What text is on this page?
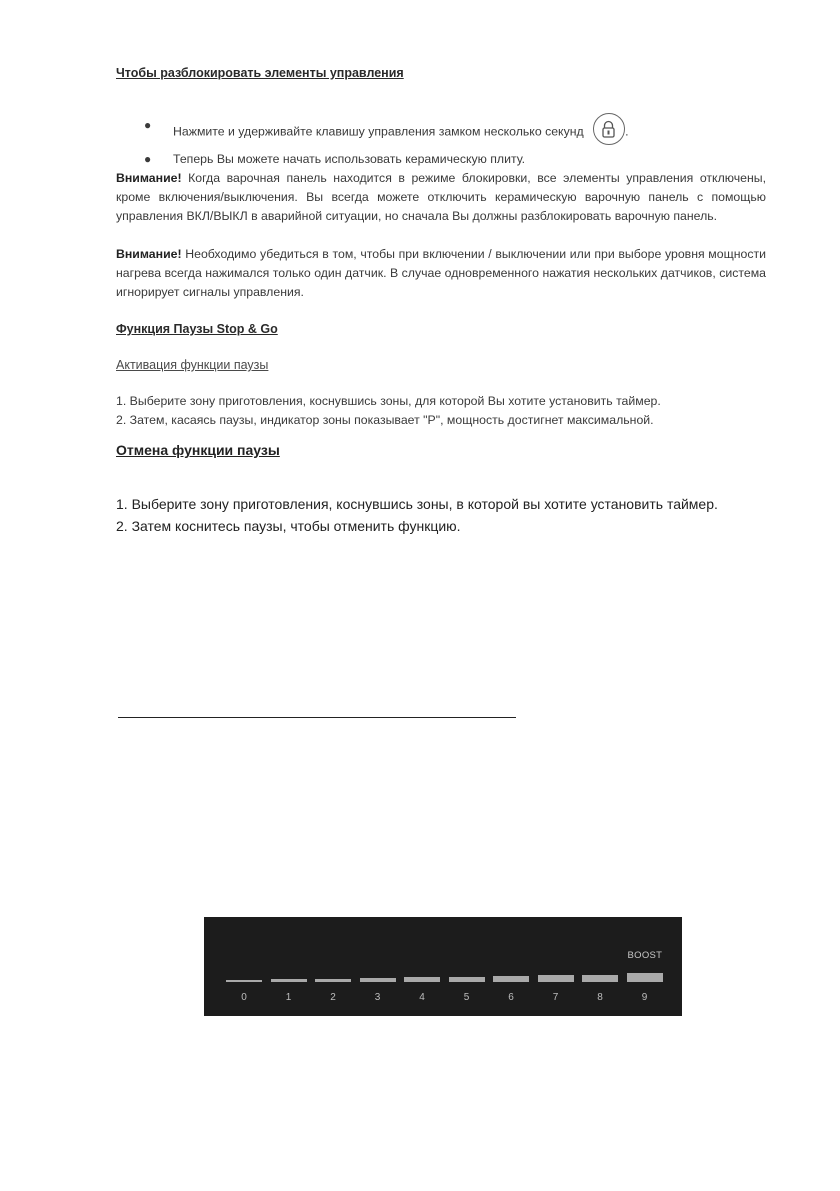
Чтобы разблокировать элементы управления

● Нажмите и удерживайте клавишу управления замком несколько секунд	.
● Теперь Вы можете начать использовать керамическую плиту.

Внимание! Когда варочная панель находится в режиме блокировки, все элементы управления отключены, кроме включения/выключения. Вы всегда можете отключить керамическую варочную панель с помощью управления ВКЛ/ВЫКЛ в аварийной ситуации, но сначала Вы должны разблокировать варочную панель.

Внимание! Необходимо убедиться в том, чтобы при включении / выключении или при выборе уровня мощности нагрева всегда нажимался только один датчик. В случае одновременного нажатия нескольких датчиков, система игнорирует сигналы управления.

Функция Паузы Stop & Go

Активация функции паузы

1. Выберите зону приготовления, коснувшись зоны, для которой Вы хотите установить таймер.

2. Затем, касаясь паузы, индикатор зоны показывает "P", мощность достигнет максимальной.

Отмена функции паузы

1. Выберите зону приготовления, коснувшись зоны, в которой вы хотите установить таймер.

2. Затем коснитесь паузы, чтобы отменить функцию.

BOOST
0	1	2	3	4	5	6	7	8	9
